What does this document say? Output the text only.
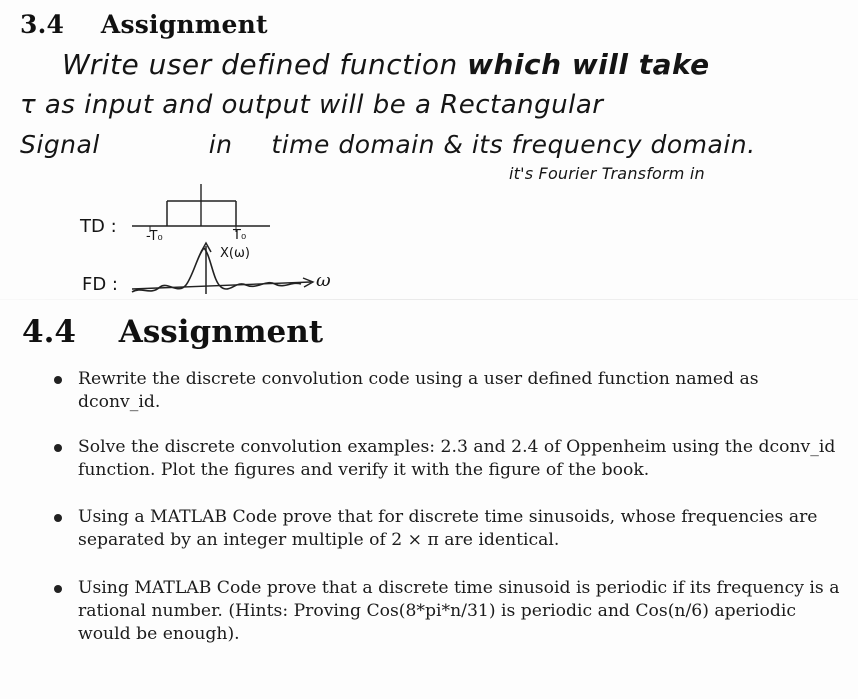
3.4 Assignment
Write user defined function which will take
τ as input and output will be a Rectangular
Signal	in time domain & its frequency domain.
it's Fourier Transform in
TD :
FD :
-T₀	T₀
X(ω)
ω
4.4 Assignment
Rewrite the discrete convolution code using a user defined function named as dconv_id.
Solve the discrete convolution examples: 2.3 and 2.4 of Oppenheim using the dconv_id function. Plot the figures and verify it with the figure of the book.
Using a MATLAB Code prove that for discrete time sinusoids, whose frequencies are separated by an integer multiple of 2 × π are identical.
Using MATLAB Code prove that a discrete time sinusoid is periodic if its frequency is a rational number. (Hints: Proving Cos(8*pi*n/31) is periodic and Cos(n/6) aperiodic would be enough).
